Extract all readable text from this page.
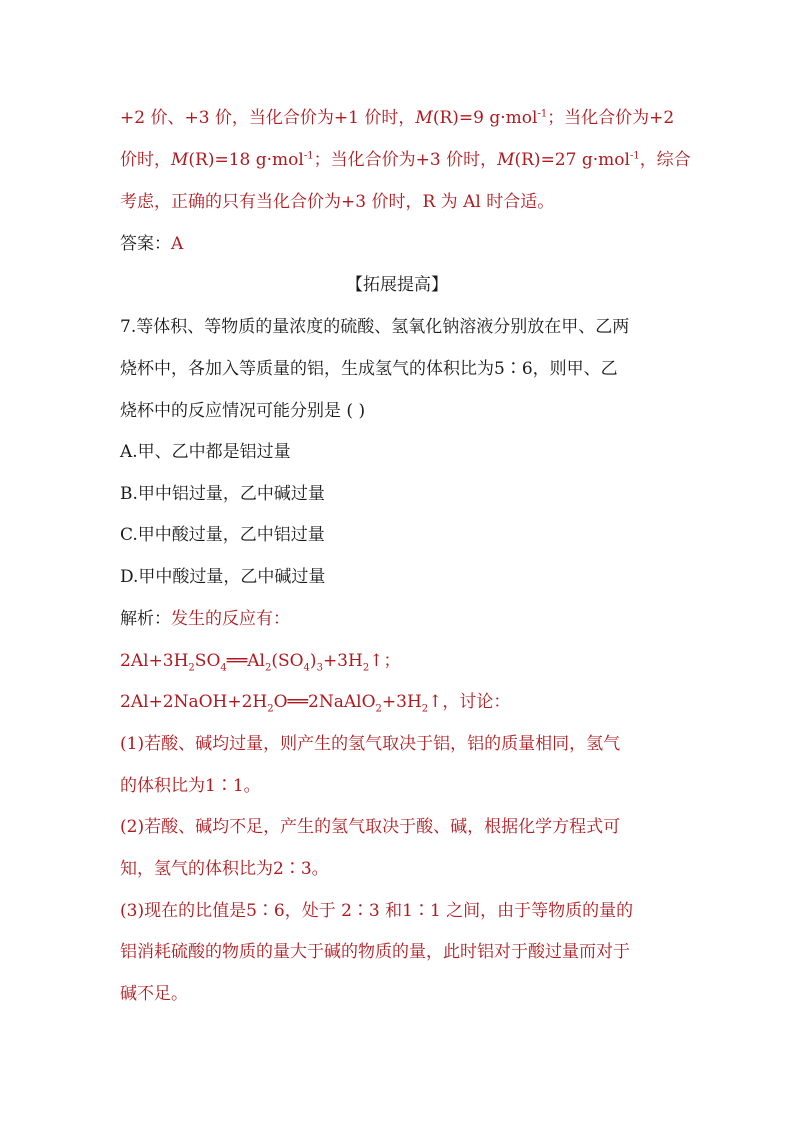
+2 价、+3 价，当化合价为+1 价时，M(R)=9 g·mol$^{-1}$；当化合价为+2
价时，M(R)=18 g·mol$^{-1}$；当化合价为+3 价时，M(R)=27 g·mol$^{-1}$，综合
考虑，正确的只有当化合价为+3 价时，R 为 Al 时合适。
答案：A
【拓展提高】
7.等体积、等物质的量浓度的硫酸、氢氧化钠溶液分别放在甲、乙两
烧杯中，各加入等质量的铝，生成氢气的体积比为5∶6，则甲、乙
烧杯中的反应情况可能分别是 ( )
A.甲、乙中都是铝过量
B.甲中铝过量，乙中碱过量
C.甲中酸过量，乙中铝过量
D.甲中酸过量，乙中碱过量
解析：发生的反应有：
$2Al+3H_2SO_4══Al_2(SO_4)_3+3H_2↑$；
$2Al+2NaOH+2H_2O══2NaAlO_2+3H_2↑$，讨论：
(1)若酸、碱均过量，则产生的氢气取决于铝，铝的质量相同，氢气
的体积比为1∶1。
(2)若酸、碱均不足，产生的氢气取决于酸、碱，根据化学方程式可
知，氢气的体积比为2∶3。
(3)现在的比值是5∶6，处于 2∶3 和1∶1 之间，由于等物质的量的
铝消耗硫酸的物质的量大于碱的物质的量，此时铝对于酸过量而对于
碱不足。
